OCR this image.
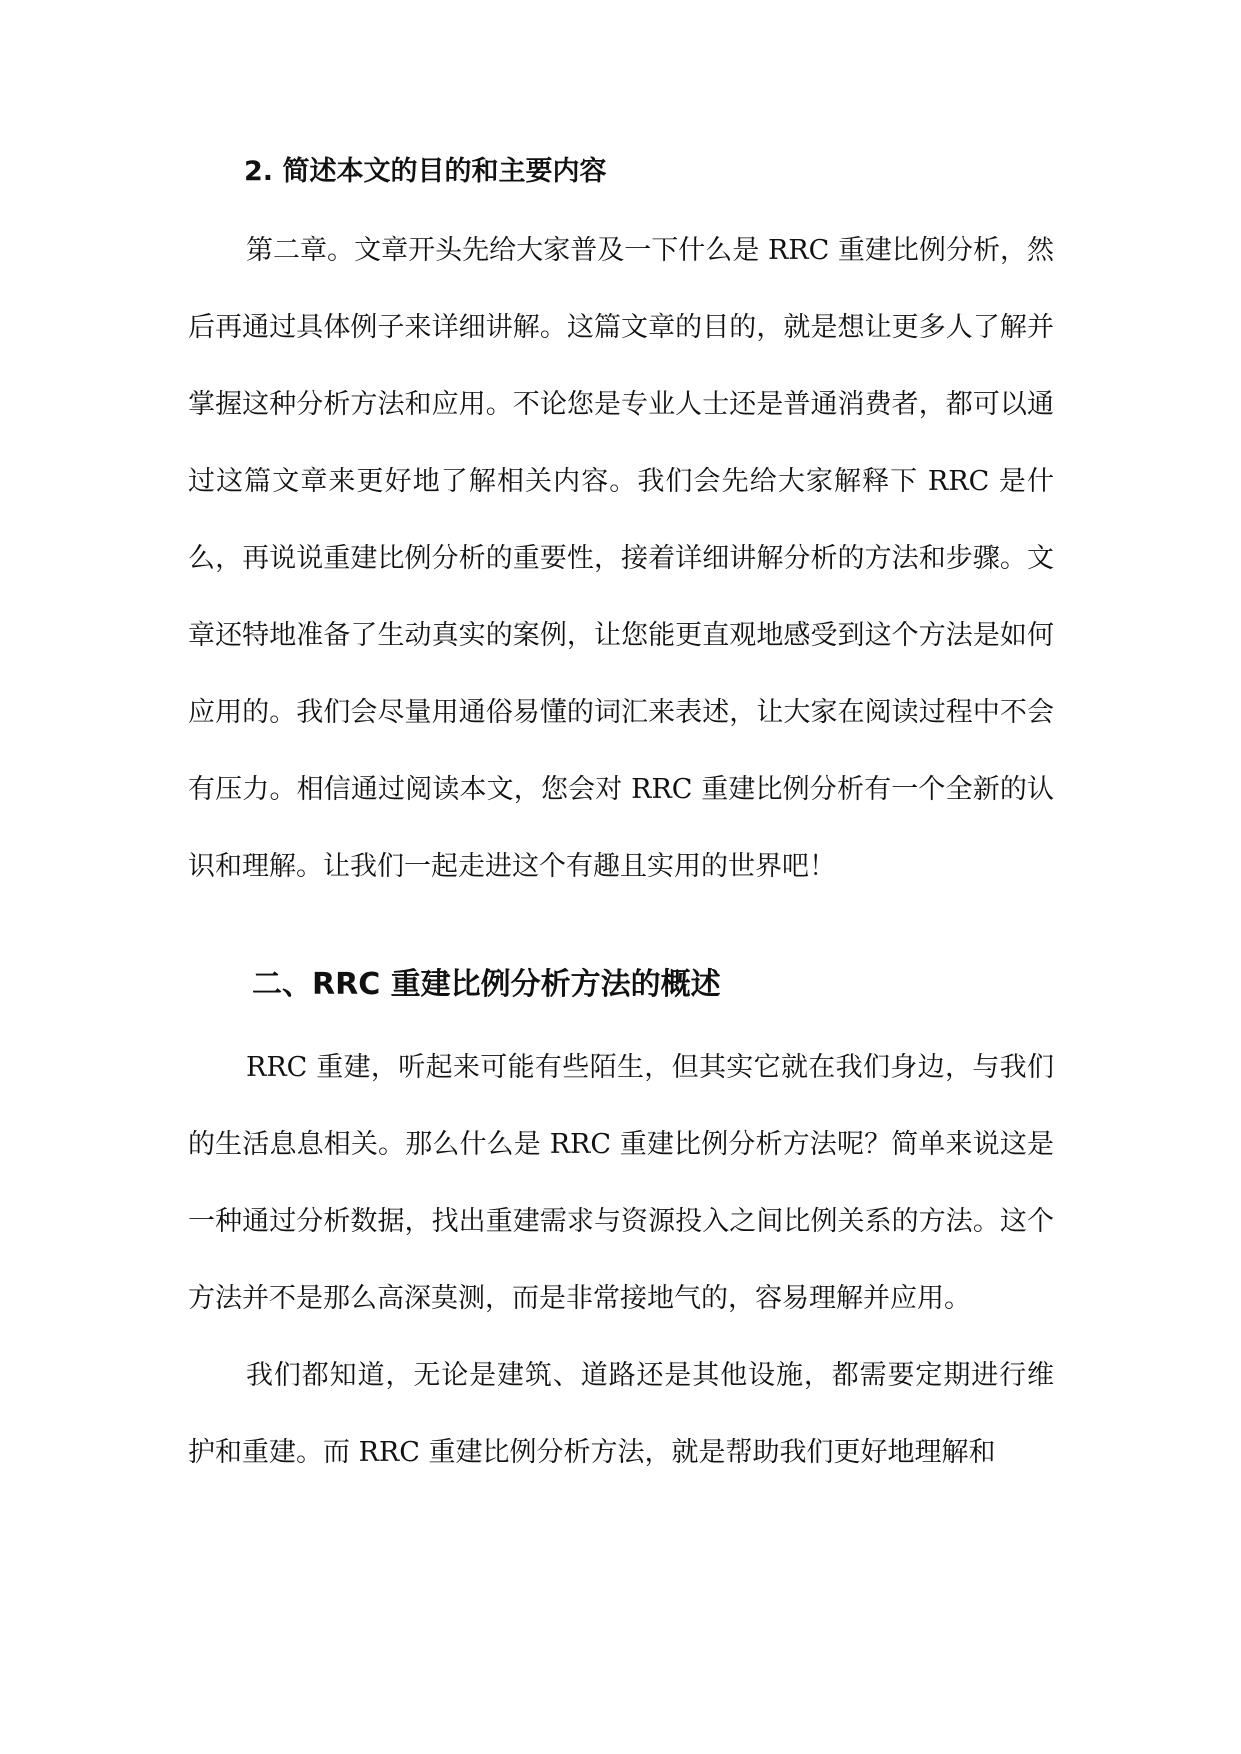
2. 简述本文的目的和主要内容

第二章。文章开头先给大家普及一下什么是 RRC 重建比例分析，然后再通过具体例子来详细讲解。这篇文章的目的，就是想让更多人了解并掌握这种分析方法和应用。不论您是专业人士还是普通消费者，都可以通过这篇文章来更好地了解相关内容。我们会先给大家解释下 RRC 是什么，再说说重建比例分析的重要性，接着详细讲解分析的方法和步骤。文章还特地准备了生动真实的案例，让您能更直观地感受到这个方法是如何应用的。我们会尽量用通俗易懂的词汇来表述，让大家在阅读过程中不会有压力。相信通过阅读本文，您会对 RRC 重建比例分析有一个全新的认识和理解。让我们一起走进这个有趣且实用的世界吧！

二、RRC 重建比例分析方法的概述

RRC 重建，听起来可能有些陌生，但其实它就在我们身边，与我们的生活息息相关。那么什么是 RRC 重建比例分析方法呢？简单来说这是一种通过分析数据，找出重建需求与资源投入之间比例关系的方法。这个方法并不是那么高深莫测，而是非常接地气的，容易理解并应用。

我们都知道，无论是建筑、道路还是其他设施，都需要定期进行维护和重建。而 RRC 重建比例分析方法，就是帮助我们更好地理解和
